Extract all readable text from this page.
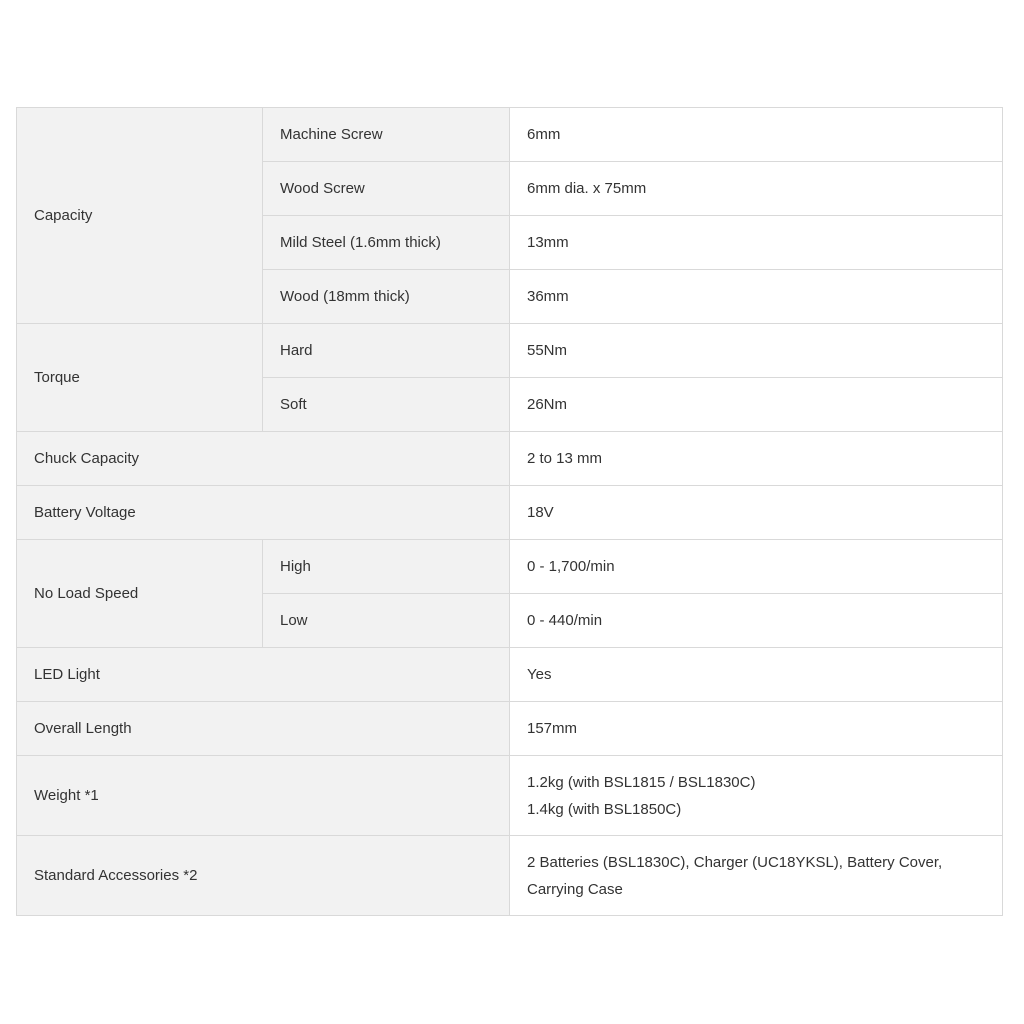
Capacity	Machine Screw	6mm
	Wood Screw	6mm dia. x 75mm
	Mild Steel (1.6mm thick)	13mm
	Wood (18mm thick)	36mm
Torque	Hard	55Nm
	Soft	26Nm
Chuck Capacity		2 to 13 mm
Battery Voltage		18V
No Load Speed	High	0 - 1,700/min
	Low	0 - 440/min
LED Light		Yes
Overall Length		157mm
Weight *1		1.2kg (with BSL1815 / BSL1830C)
1.4kg (with BSL1850C)

Standard Accessories *2		2 Batteries (BSL1830C), Charger (UC18YKSL), Battery Cover,
Carrying Case
